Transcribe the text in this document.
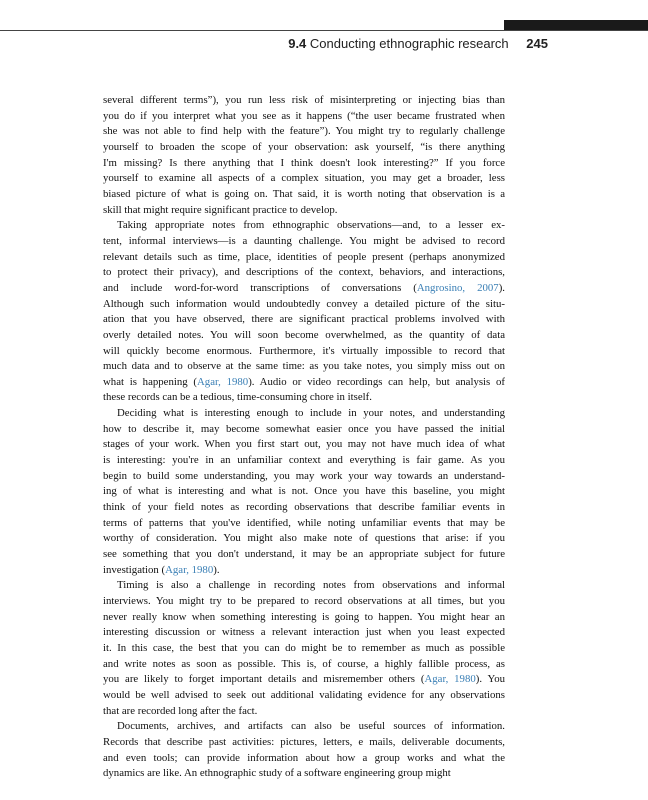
9.4 Conducting ethnographic research 245

several different terms”), you run less risk of misinterpreting or injecting bias than
you do if you interpret what you see as it happens (“the user became frustrated when
she was not able to find help with the feature”). You might try to regularly challenge
yourself to broaden the scope of your observation: ask yourself, “is there anything
I'm missing? Is there anything that I think doesn't look interesting?” If you force
yourself to examine all aspects of a complex situation, you may get a broader, less
biased picture of what is going on. That said, it is worth noting that observation is a
skill that might require significant practice to develop.

Taking appropriate notes from ethnographic observations—and, to a lesser ex-
tent, informal interviews—is a daunting challenge. You might be advised to record
relevant details such as time, place, identities of people present (perhaps anonymized
to protect their privacy), and descriptions of the context, behaviors, and interactions,
and include word-for-word transcriptions of conversations (Angrosino, 2007).
Although such information would undoubtedly convey a detailed picture of the situ-
ation that you have observed, there are significant practical problems involved with
overly detailed notes. You will soon become overwhelmed, as the quantity of data
will quickly become enormous. Furthermore, it's virtually impossible to record that
much data and to observe at the same time: as you take notes, you simply miss out on
what is happening (Agar, 1980). Audio or video recordings can help, but analysis of
these records can be a tedious, time-consuming chore in itself.

Deciding what is interesting enough to include in your notes, and understanding
how to describe it, may become somewhat easier once you have passed the initial
stages of your work. When you first start out, you may not have much idea of what
is interesting: you're in an unfamiliar context and everything is fair game. As you
begin to build some understanding, you may work your way towards an understand-
ing of what is interesting and what is not. Once you have this baseline, you might
think of your field notes as recording observations that describe familiar events in
terms of patterns that you've identified, while noting unfamiliar events that may be
worthy of consideration. You might also make note of questions that arise: if you
see something that you don't understand, it may be an appropriate subject for future
investigation (Agar, 1980).

Timing is also a challenge in recording notes from observations and informal
interviews. You might try to be prepared to record observations at all times, but you
never really know when something interesting is going to happen. You might hear an
interesting discussion or witness a relevant interaction just when you least expected
it. In this case, the best that you can do might be to remember as much as possible
and write notes as soon as possible. This is, of course, a highly fallible process, as
you are likely to forget important details and misremember others (Agar, 1980). You
would be well advised to seek out additional validating evidence for any observations
that are recorded long after the fact.

Documents, archives, and artifacts can also be useful sources of information.
Records that describe past activities: pictures, letters, e mails, deliverable documents,
and even tools; can provide information about how a group works and what the
dynamics are like. An ethnographic study of a software engineering group might
